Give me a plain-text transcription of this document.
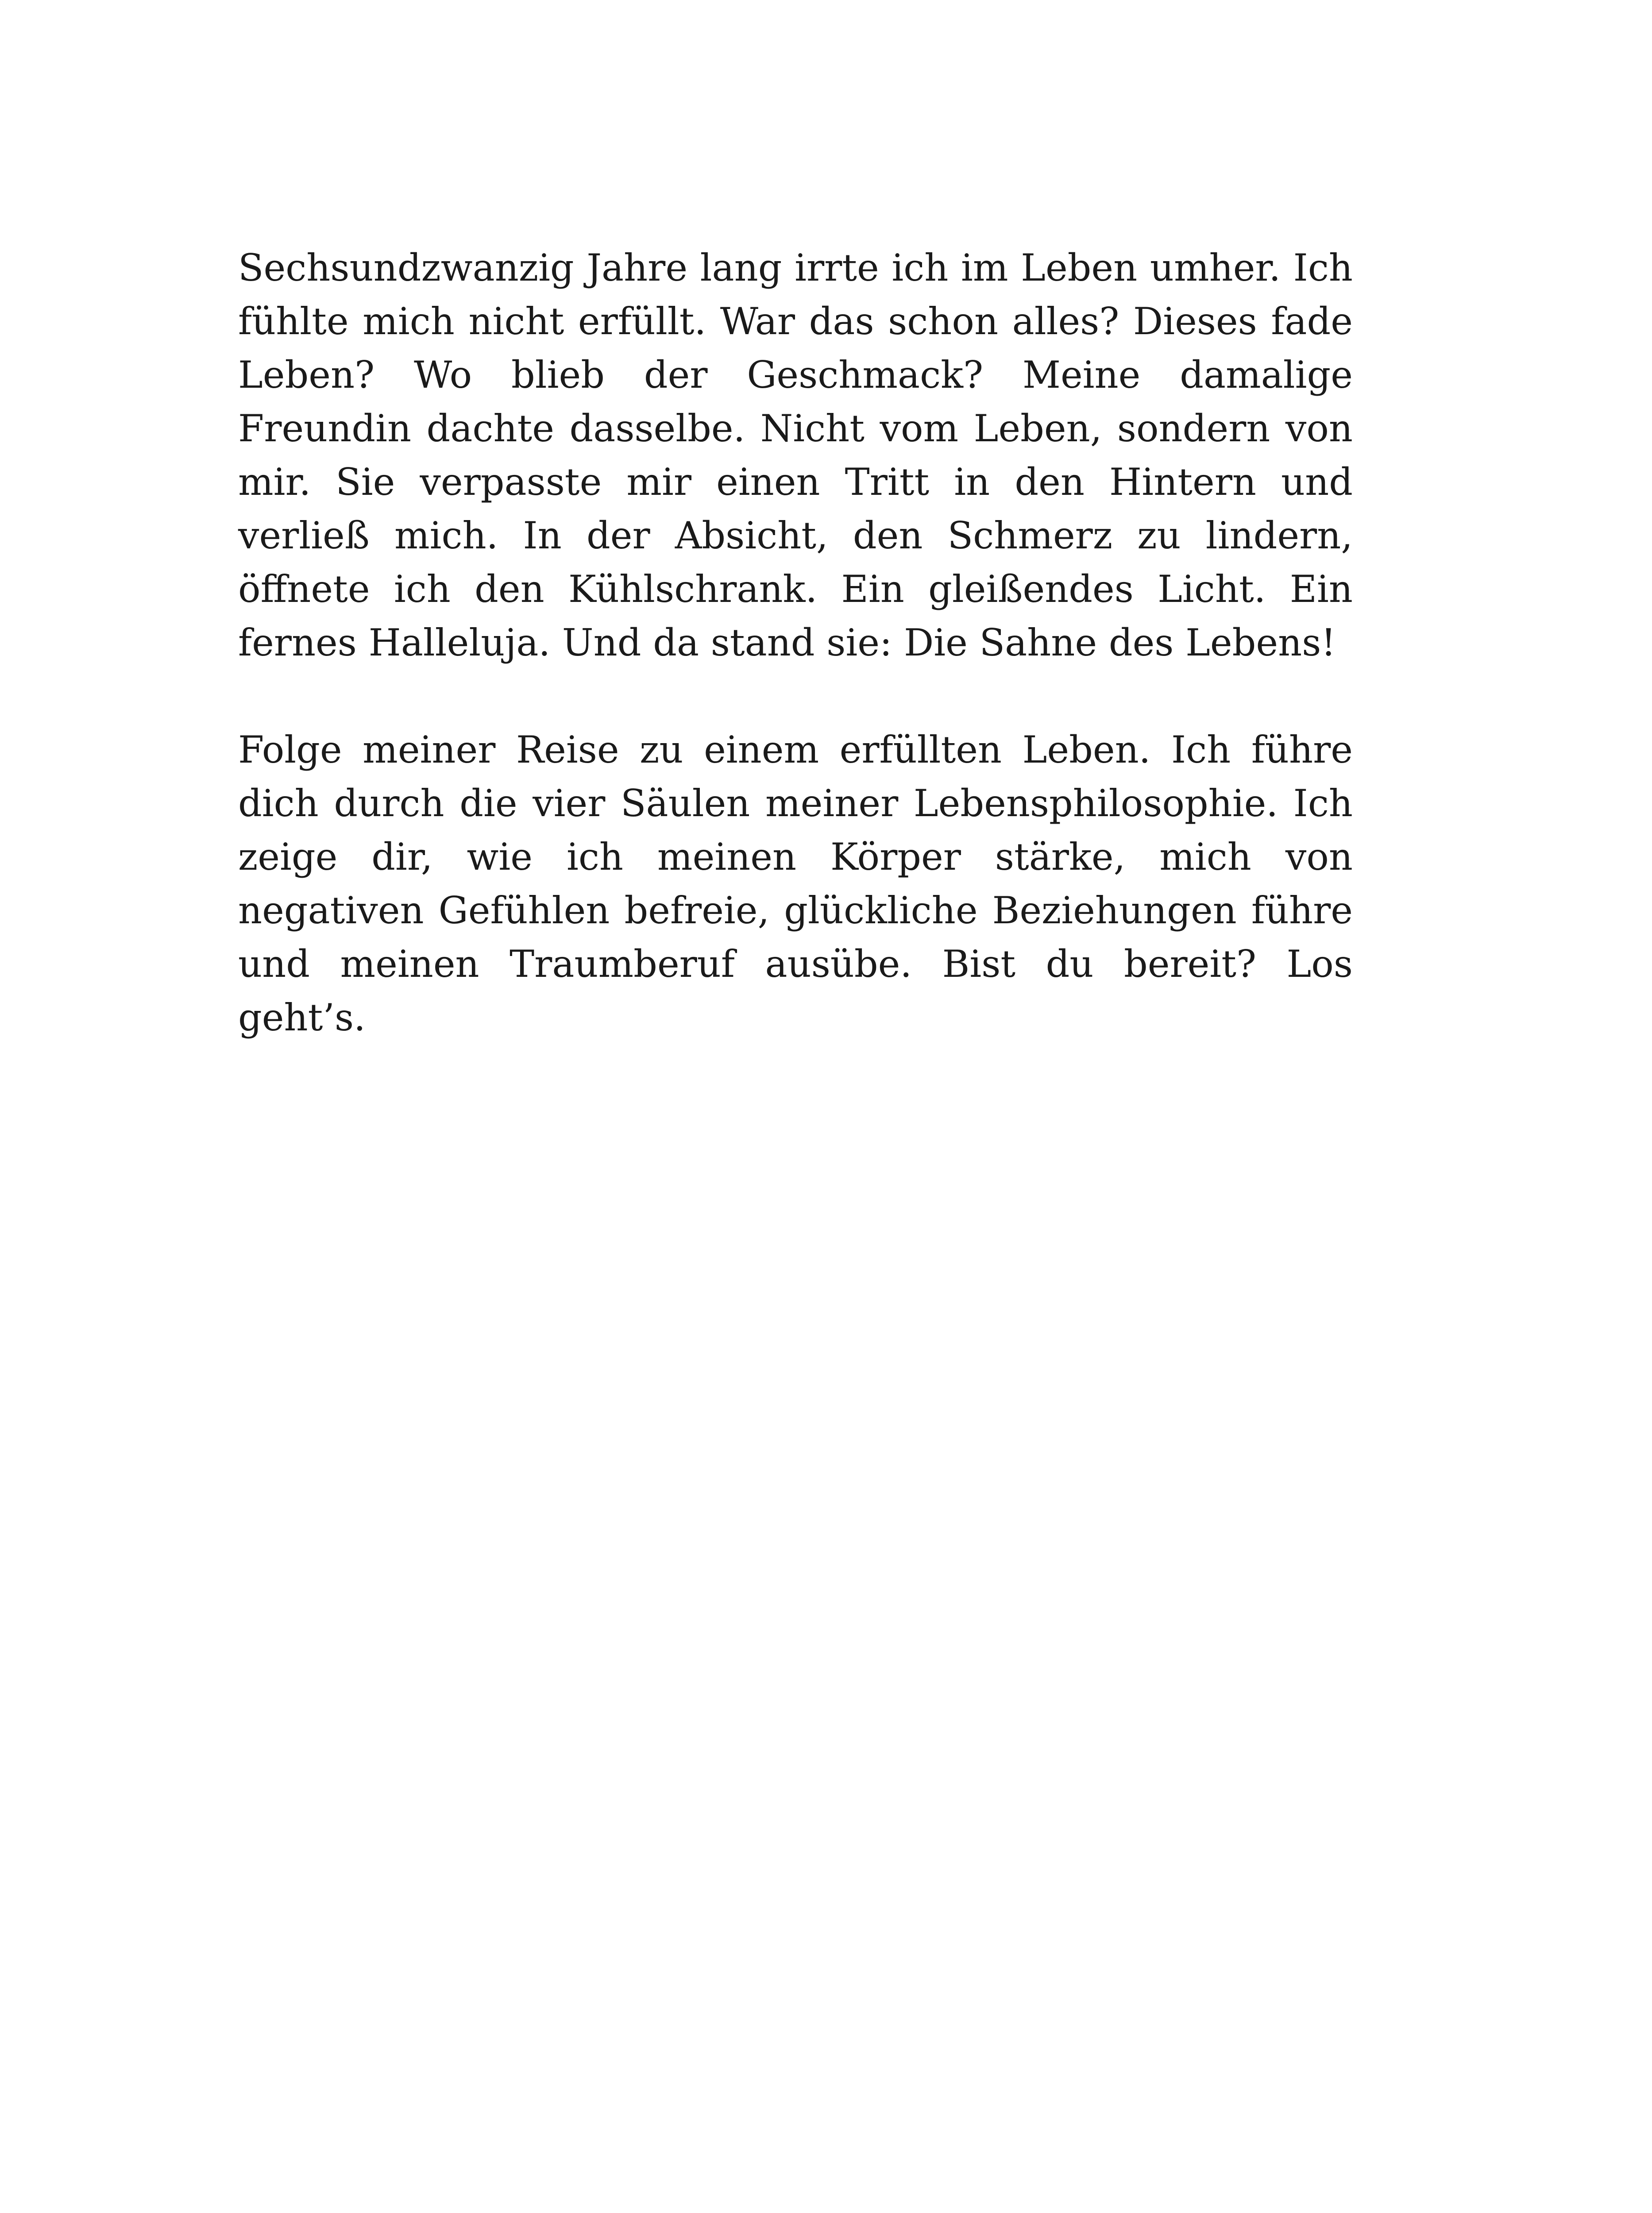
Sechsundzwanzig Jahre lang irrte ich im Leben umher. Ich fühlte mich nicht erfüllt. War das schon alles? Dieses fade Leben? Wo blieb der Geschmack? Meine damalige Freundin dachte dasselbe. Nicht vom Leben, sondern von mir. Sie verpasste mir einen Tritt in den Hintern und verließ mich. In der Absicht, den Schmerz zu lindern, öffnete ich den Kühlschrank. Ein gleißendes Licht. Ein fernes Halleluja. Und da stand sie: Die Sahne des Lebens!

Folge meiner Reise zu einem erfüllten Leben. Ich führe dich durch die vier Säulen meiner Lebensphilosophie. Ich zeige dir, wie ich meinen Körper stärke, mich von negativen Gefühlen befreie, glückliche Beziehungen führe und meinen Traumberuf ausübe. Bist du bereit? Los geht’s.
